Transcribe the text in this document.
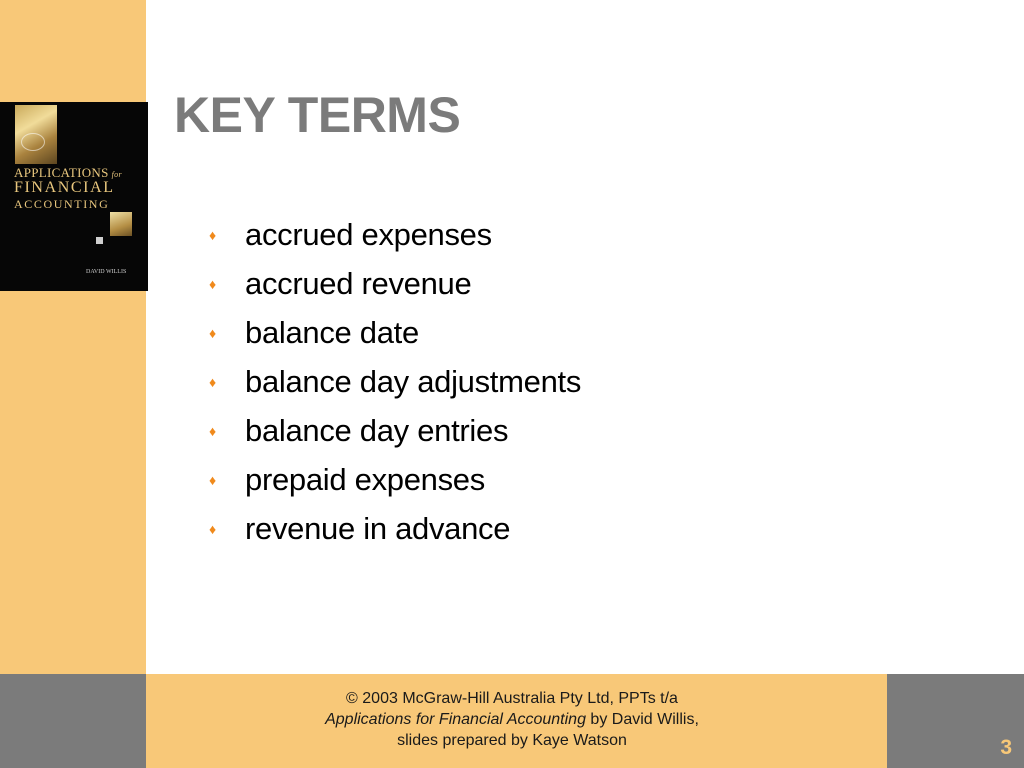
APPLICATIONS for
FINANCIAL
ACCOUNTING
DAVID WILLIS
KEY TERMS
♦ accrued expenses
♦ accrued revenue
♦ balance date
♦ balance day adjustments
♦ balance day entries
♦ prepaid expenses
♦ revenue in advance
© 2003 McGraw-Hill Australia Pty Ltd, PPTs t/a
Applications for Financial Accounting by David Willis,
slides prepared by Kaye Watson	3
